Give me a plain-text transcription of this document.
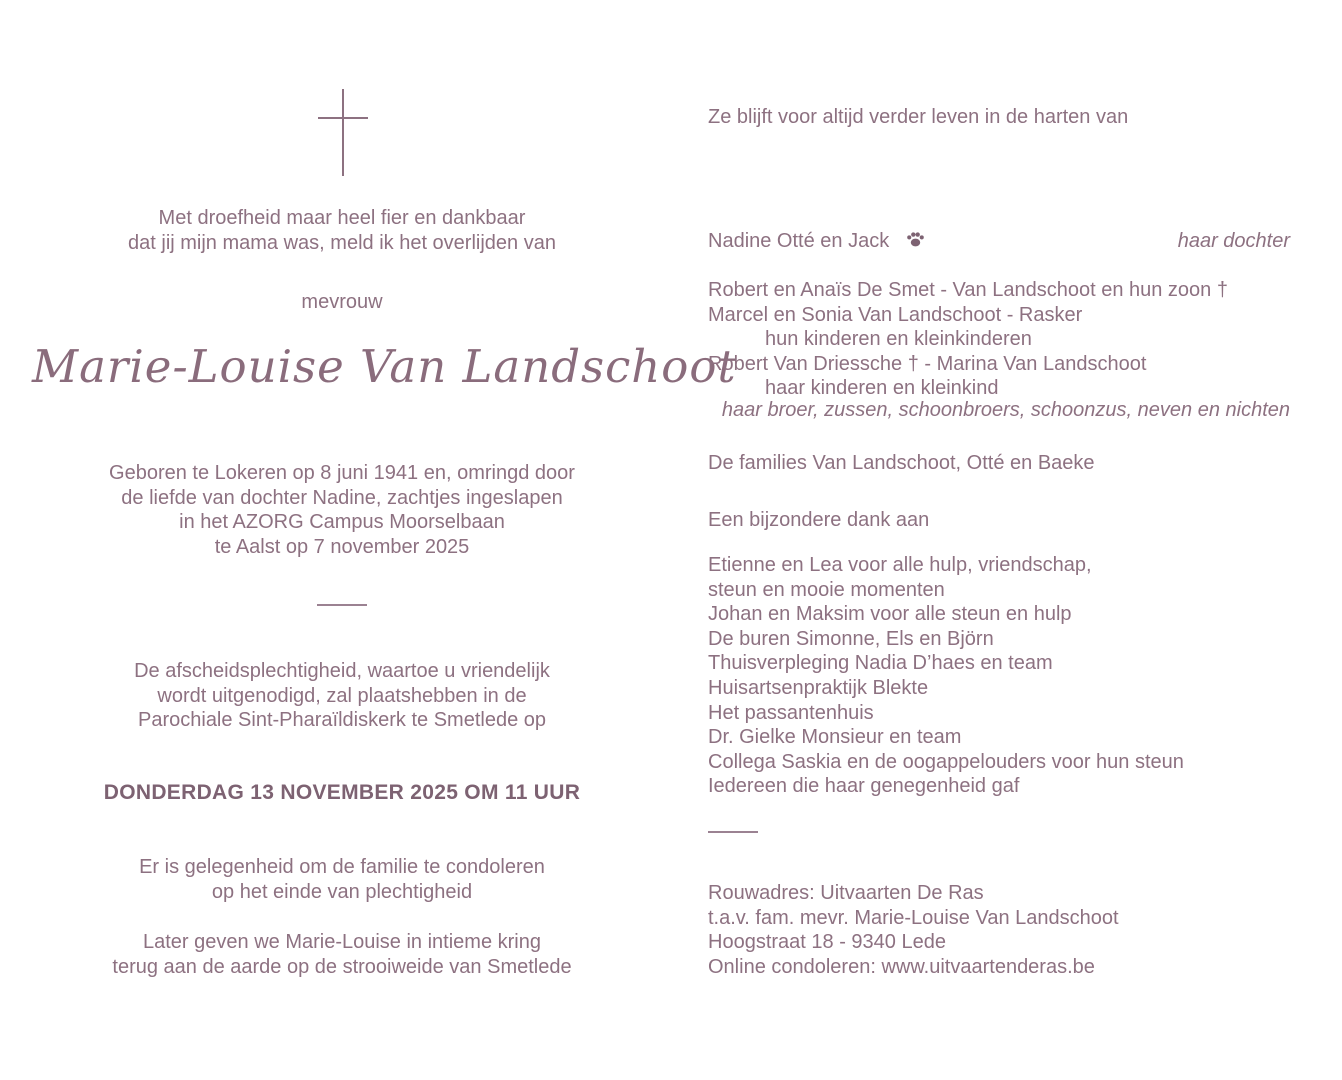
Met droefheid maar heel fier en dankbaar
dat jij mijn mama was, meld ik het overlijden van
mevrouw
Marie-Louise Van Landschoot
Geboren te Lokeren op 8 juni 1941 en, omringd door
de liefde van dochter Nadine, zachtjes ingeslapen
in het AZORG Campus Moorselbaan
te Aalst op 7 november 2025
De afscheidsplechtigheid, waartoe u vriendelijk
wordt uitgenodigd, zal plaatshebben in de
Parochiale Sint-Pharaïldiskerk te Smetlede op
DONDERDAG 13 NOVEMBER 2025 OM 11 UUR
Er is gelegenheid om de familie te condoleren
op het einde van plechtigheid
Later geven we Marie-Louise in intieme kring
terug aan de aarde op de strooiweide van Smetlede
Ze blijft voor altijd verder leven in de harten van
Nadine Otté en Jack	haar dochter
Robert en Anaïs De Smet - Van Landschoot en hun zoon †
Marcel en Sonia Van Landschoot - Rasker
hun kinderen en kleinkinderen
Robert Van Driessche † - Marina Van Landschoot
haar kinderen en kleinkind
haar broer, zussen, schoonbroers, schoonzus, neven en nichten
De families Van Landschoot, Otté en Baeke
Een bijzondere dank aan
Etienne en Lea voor alle hulp, vriendschap,
steun en mooie momenten
Johan en Maksim voor alle steun en hulp
De buren Simonne, Els en Björn
Thuisverpleging Nadia D’haes en team
Huisartsenpraktijk Blekte
Het passantenhuis
Dr. Gielke Monsieur en team
Collega Saskia en de oogappelouders voor hun steun
Iedereen die haar genegenheid gaf
Rouwadres: Uitvaarten De Ras
t.a.v. fam. mevr. Marie-Louise Van Landschoot
Hoogstraat 18 - 9340 Lede
Online condoleren: www.uitvaartenderas.be
